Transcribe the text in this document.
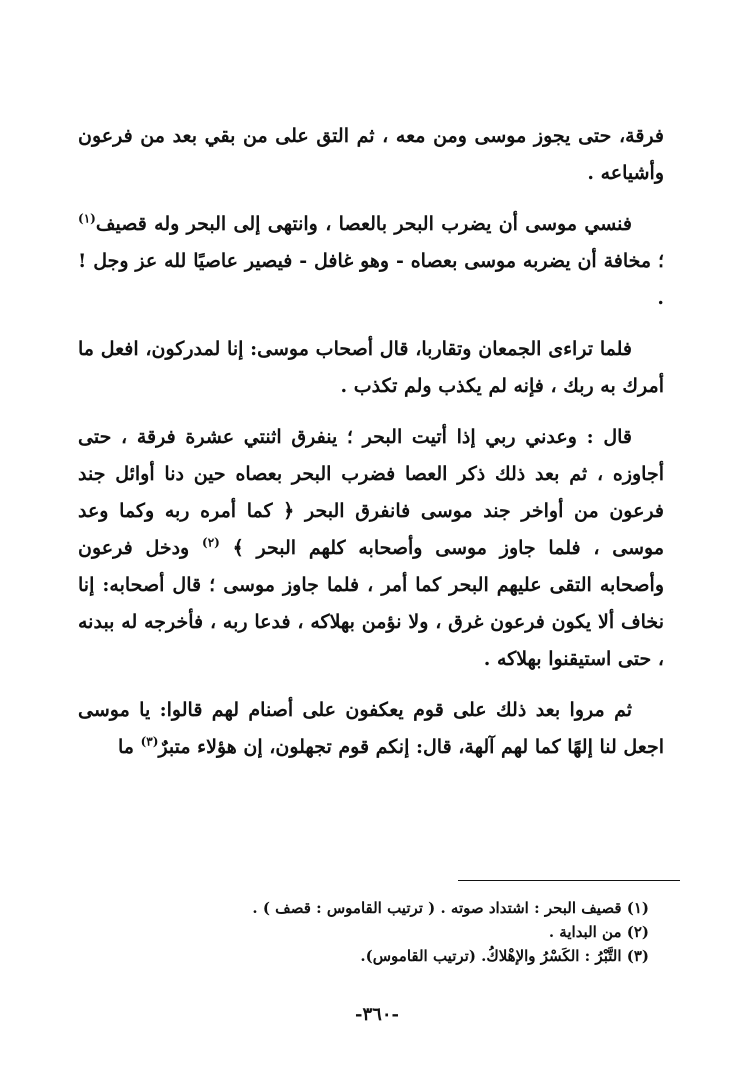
فرقة، حتى يجوز موسى ومن معه ، ثم التق على من بقي بعد من فرعون وأشياعه .

فنسي موسى أن يضرب البحر بالعصا ، وانتهى إلى البحر وله قصيف$^{(١)}$ ؛ مخافة أن يضربه موسى بعصاه - وهو غافل - فيصير عاصيًا لله عز وجل ! .

فلما تراءى الجمعان وتقاربا، قال أصحاب موسى: إنا لمدركون، افعل ما أمرك به ربك ، فإنه لم يكذب ولم تكذب .

قال : وعدني ربي إذا أتيت البحر ؛ ينفرق اثنتي عشرة فرقة ، حتى أجاوزه ، ثم بعد ذلك ذكر العصا فضرب البحر بعصاه حين دنا أوائل جند فرعون من أواخر جند موسى فانفرق البحر ﴿ كما أمره ربه وكما وعد موسى ، فلما جاوز موسى وأصحابه كلهم البحر ﴾ $^{(٢)}$ ودخل فرعون وأصحابه التقى عليهم البحر كما أمر ، فلما جاوز موسى ؛ قال أصحابه: إنا نخاف ألا يكون فرعون غرق ، ولا نؤمن بهلاكه ، فدعا ربه ، فأخرجه له ببدنه ، حتى استيقنوا بهلاكه .

ثم مروا بعد ذلك على قوم يعكفون على أصنام لهم قالوا: يا موسى اجعل لنا إلهًا كما لهم آلهة، قال: إنكم قوم تجهلون، إن هؤلاء متبرٌ$^{(٣)}$ ما

(١) قصيف البحر : اشتداد صوته . ( ترتيب القاموس : قصف ) .

(٢) من البداية .

(٣) التَّبْرُ : الكَسْرُ والإهْلاكُ. (ترتيب القاموس).

-٣٦٠-
